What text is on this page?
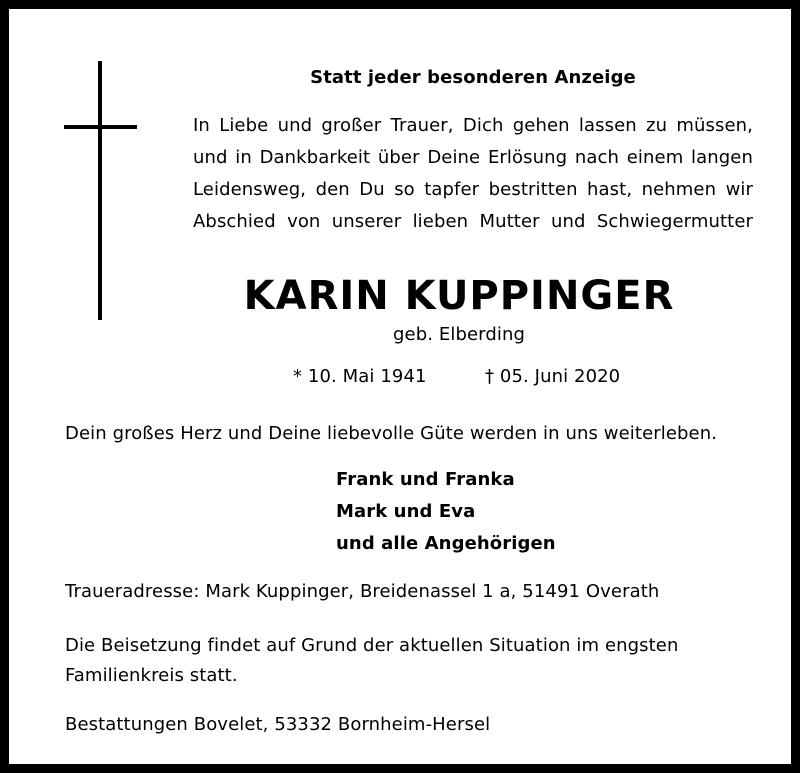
Statt jeder besonderen Anzeige
In Liebe und großer Trauer, Dich gehen lassen zu müssen,
und in Dankbarkeit über Deine Erlösung nach einem langen
Leidensweg, den Du so tapfer bestritten hast, nehmen wir
Abschied von unserer lieben Mutter und Schwiegermutter
KARIN KUPPINGER
geb. Elberding
* 10. Mai 1941	† 05. Juni 2020
Dein großes Herz und Deine liebevolle Güte werden in uns weiterleben.
Frank und Franka
Mark und Eva
und alle Angehörigen
Traueradresse: Mark Kuppinger, Breidenassel 1 a, 51491 Overath
Die Beisetzung findet auf Grund der aktuellen Situation im engsten
Familienkreis statt.
Bestattungen Bovelet, 53332 Bornheim-Hersel
